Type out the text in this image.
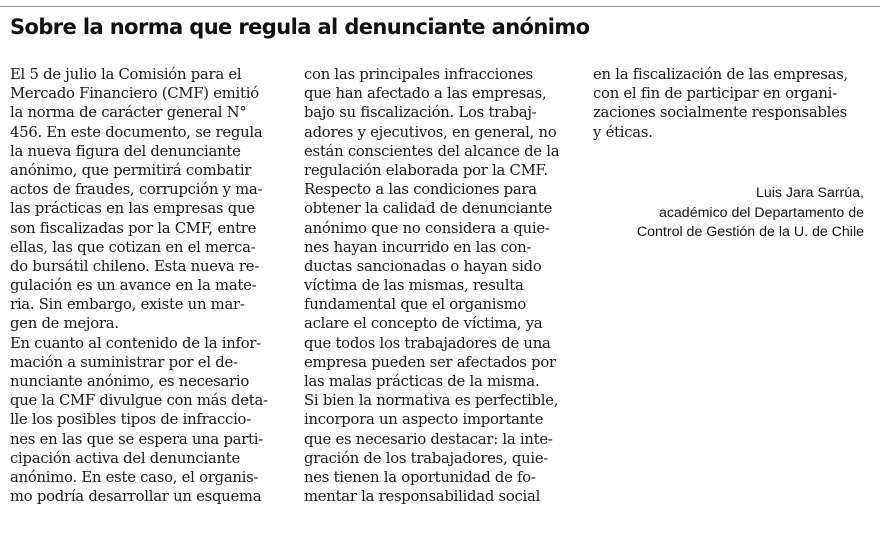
Sobre la norma que regula al denunciante anónimo
El 5 de julio la Comisión para el
Mercado Financiero (CMF) emitió
la norma de carácter general N°
456. En este documento, se regula
la nueva figura del denunciante
anónimo, que permitirá combatir
actos de fraudes, corrupción y ma-
las prácticas en las empresas que
son fiscalizadas por la CMF, entre
ellas, las que cotizan en el merca-
do bursátil chileno. Esta nueva re-
gulación es un avance en la mate-
ria. Sin embargo, existe un mar-
gen de mejora.
En cuanto al contenido de la infor-
mación a suministrar por el de-
nunciante anónimo, es necesario
que la CMF divulgue con más deta-
lle los posibles tipos de infraccio-
nes en las que se espera una parti-
cipación activa del denunciante
anónimo. En este caso, el organis-
mo podría desarrollar un esquema
con las principales infracciones
que han afectado a las empresas,
bajo su fiscalización. Los trabaj-
adores y ejecutivos, en general, no
están conscientes del alcance de la
regulación elaborada por la CMF.
Respecto a las condiciones para
obtener la calidad de denunciante
anónimo que no considera a quie-
nes hayan incurrido en las con-
ductas sancionadas o hayan sido
víctima de las mismas, resulta
fundamental que el organismo
aclare el concepto de víctima, ya
que todos los trabajadores de una
empresa pueden ser afectados por
las malas prácticas de la misma.
Si bien la normativa es perfectible,
incorpora un aspecto importante
que es necesario destacar: la inte-
gración de los trabajadores, quie-
nes tienen la oportunidad de fo-
mentar la responsabilidad social
en la fiscalización de las empresas,
con el fin de participar en organi-
zaciones socialmente responsables
y éticas.
Luis Jara Sarrúa,
académico del Departamento de
Control de Gestión de la U. de Chile
